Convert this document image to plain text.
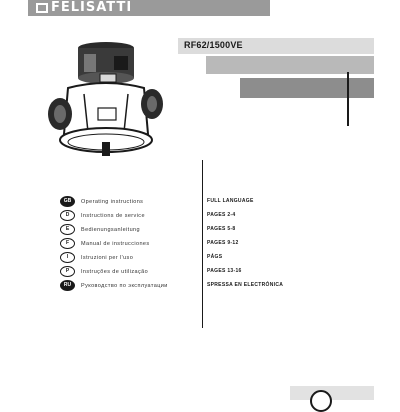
FELISATTI
RF62/1500VE
GB	Operating instructions	FULL LANGUAGE
D	Instructions de service	PAGES 2-4
E	Bedienungsanleitung	PAGES 5-8
F	Manual de instrucciones	PAGES 9-12
I	Istruzioni per l'uso	PÁGS
P	Instruções de utilização	PAGES 13-16
RU	Руководство по эксплуатации	SPRESSA EN ELECTRÓNICA
